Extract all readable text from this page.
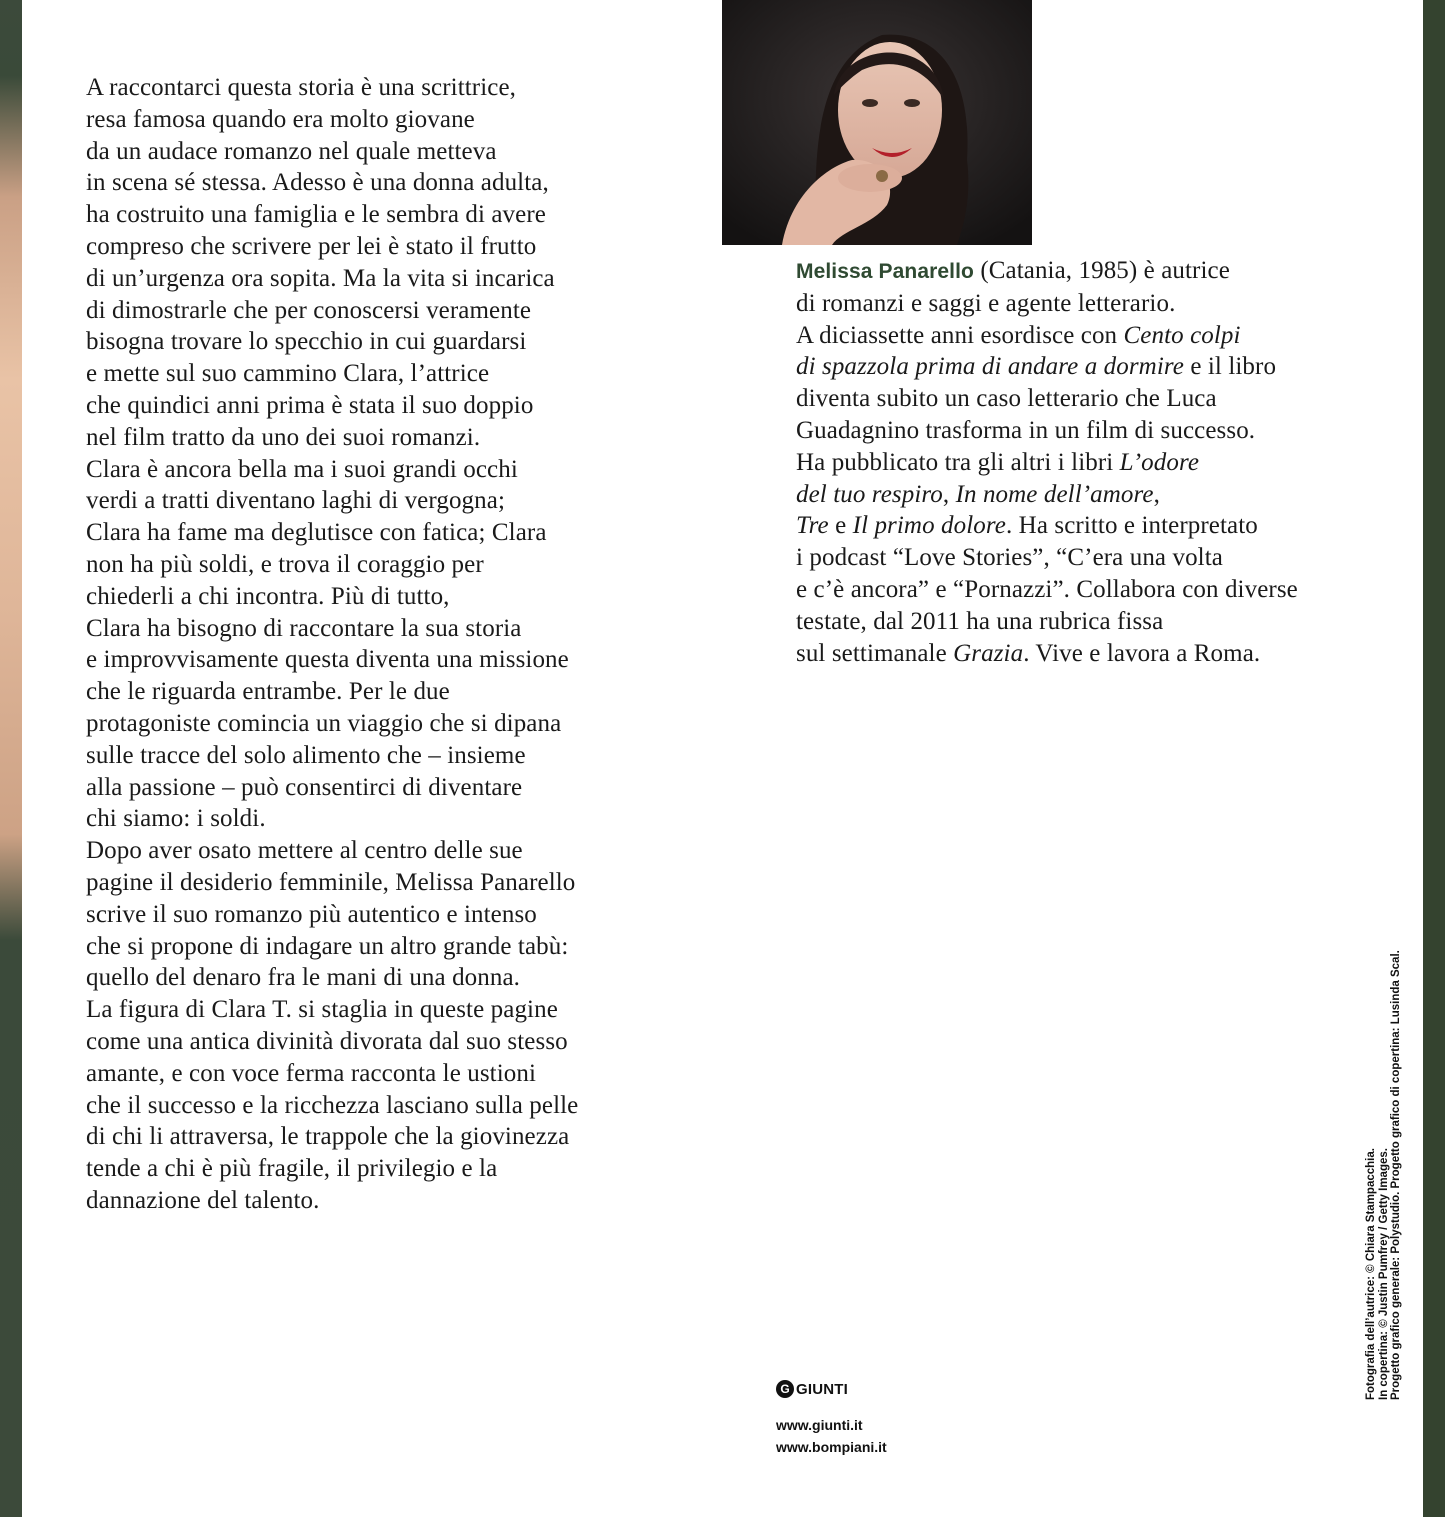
A raccontarci questa storia è una scrittrice,

resa famosa quando era molto giovane

da un audace romanzo nel quale metteva

in scena sé stessa. Adesso è una donna adulta,

ha costruito una famiglia e le sembra di avere

compreso che scrivere per lei è stato il frutto

di un’urgenza ora sopita. Ma la vita si incarica

di dimostrarle che per conoscersi veramente

bisogna trovare lo specchio in cui guardarsi

e mette sul suo cammino Clara, l’attrice

che quindici anni prima è stata il suo doppio

nel film tratto da uno dei suoi romanzi.

Clara è ancora bella ma i suoi grandi occhi

verdi a tratti diventano laghi di vergogna;

Clara ha fame ma deglutisce con fatica; Clara

non ha più soldi, e trova il coraggio per

chiederli a chi incontra. Più di tutto,

Clara ha bisogno di raccontare la sua storia

e improvvisamente questa diventa una missione

che le riguarda entrambe. Per le due

protagoniste comincia un viaggio che si dipana

sulle tracce del solo alimento che – insieme

alla passione – può consentirci di diventare

chi siamo: i soldi.

Dopo aver osato mettere al centro delle sue

pagine il desiderio femminile, Melissa Panarello

scrive il suo romanzo più autentico e intenso

che si propone di indagare un altro grande tabù:

quello del denaro fra le mani di una donna.

La figura di Clara T. si staglia in queste pagine

come una antica divinità divorata dal suo stesso

amante, e con voce ferma racconta le ustioni

che il successo e la ricchezza lasciano sulla pelle

di chi li attraversa, le trappole che la giovinezza

tende a chi è più fragile, il privilegio e la

dannazione del talento.

Melissa Panarello (Catania, 1985) è autrice

di romanzi e saggi e agente letterario.

A diciassette anni esordisce con Cento colpi

di spazzola prima di andare a dormire e il libro

diventa subito un caso letterario che Luca

Guadagnino trasforma in un film di successo.

Ha pubblicato tra gli altri i libri L’odore

del tuo respiro, In nome dell’amore,

Tre e Il primo dolore. Ha scritto e interpretato

i podcast “Love Stories”, “C’era una volta

e c’è ancora” e “Pornazzi”. Collabora con diverse

testate, dal 2011 ha una rubrica fissa

sul settimanale Grazia. Vive e lavora a Roma.

G GIUNTI
www.giunti.it
www.bompiani.it
Fotografia dell’autrice: © Chiara Stampacchia. In copertina: © Justin Pumfrey / Getty Images. Progetto grafico generale: Polystudio. Progetto grafico di copertina: Lusinda Scal.
